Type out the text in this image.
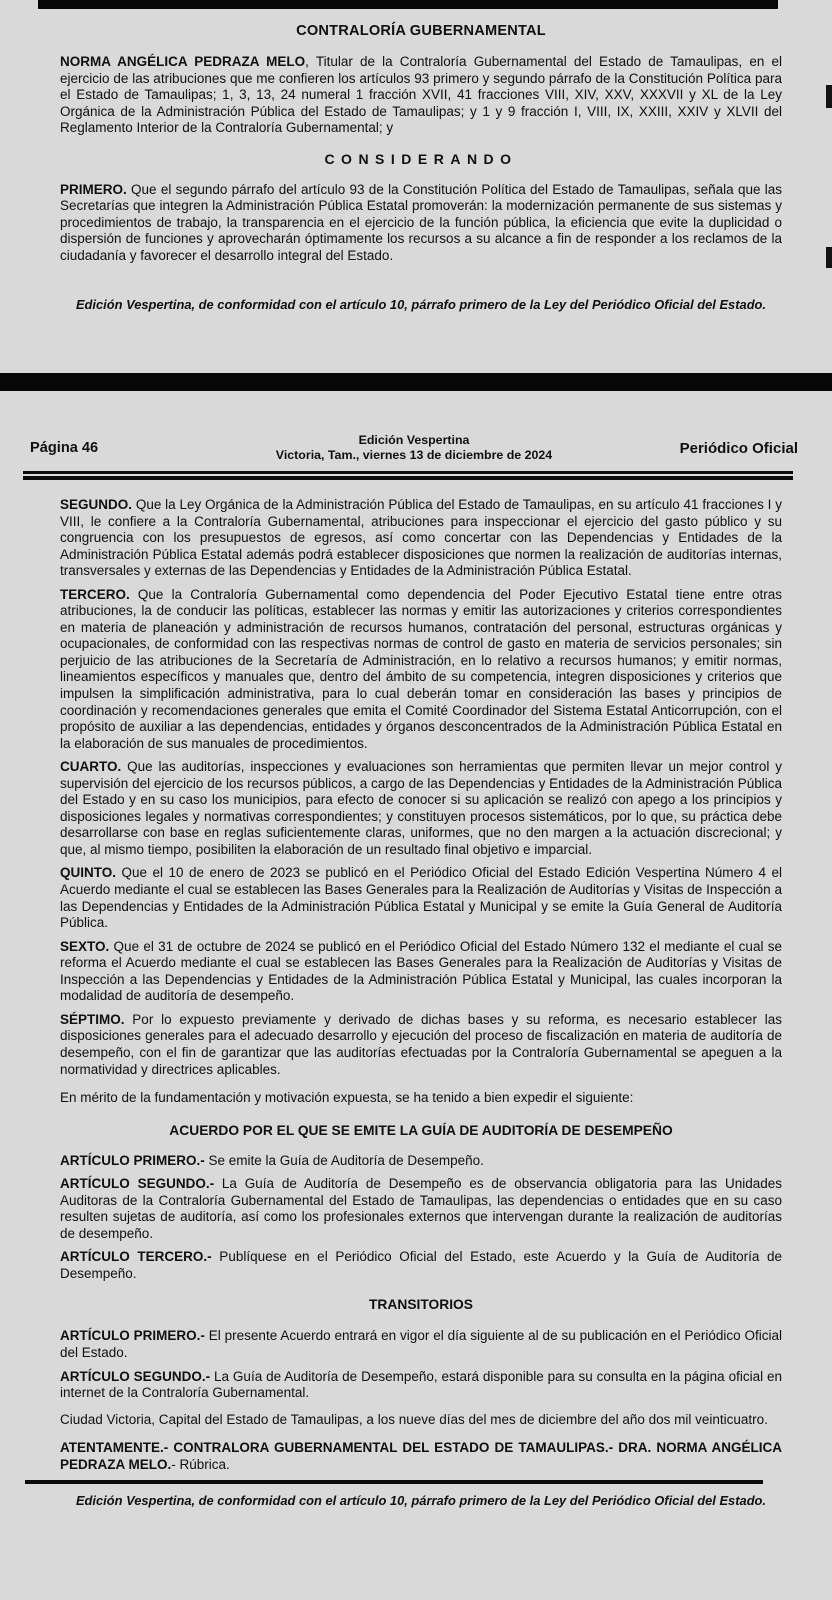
CONTRALORÍA GUBERNAMENTAL

NORMA ANGÉLICA PEDRAZA MELO, Titular de la Contraloría Gubernamental del Estado de Tamaulipas, en el ejercicio de las atribuciones que me confieren los artículos 93 primero y segundo párrafo de la Constitución Política para el Estado de Tamaulipas; 1, 3, 13, 24 numeral 1 fracción XVII, 41 fracciones VIII, XIV, XXV, XXXVII y XL de la Ley Orgánica de la Administración Pública del Estado de Tamaulipas; y 1 y 9 fracción I, VIII, IX, XXIII, XXIV y XLVII del Reglamento Interior de la Contraloría Gubernamental; y

CONSIDERANDO

PRIMERO. Que el segundo párrafo del artículo 93 de la Constitución Política del Estado de Tamaulipas, señala que las Secretarías que integren la Administración Pública Estatal promoverán: la modernización permanente de sus sistemas y procedimientos de trabajo, la transparencia en el ejercicio de la función pública, la eficiencia que evite la duplicidad o dispersión de funciones y aprovecharán óptimamente los recursos a su alcance a fin de responder a los reclamos de la ciudadanía y favorecer el desarrollo integral del Estado.

Edición Vespertina, de conformidad con el artículo 10, párrafo primero de la Ley del Periódico Oficial del Estado.

Página 46	Edición Vespertina
Victoria, Tam., viernes 13 de diciembre de 2024	Periódico Oficial

SEGUNDO. Que la Ley Orgánica de la Administración Pública del Estado de Tamaulipas, en su artículo 41 fracciones I y VIII, le confiere a la Contraloría Gubernamental, atribuciones para inspeccionar el ejercicio del gasto público y su congruencia con los presupuestos de egresos, así como concertar con las Dependencias y Entidades de la Administración Pública Estatal además podrá establecer disposiciones que normen la realización de auditorías internas, transversales y externas de las Dependencias y Entidades de la Administración Pública Estatal.

TERCERO. Que la Contraloría Gubernamental como dependencia del Poder Ejecutivo Estatal tiene entre otras atribuciones, la de conducir las políticas, establecer las normas y emitir las autorizaciones y criterios correspondientes en materia de planeación y administración de recursos humanos, contratación del personal, estructuras orgánicas y ocupacionales, de conformidad con las respectivas normas de control de gasto en materia de servicios personales; sin perjuicio de las atribuciones de la Secretaría de Administración, en lo relativo a recursos humanos; y emitir normas, lineamientos específicos y manuales que, dentro del ámbito de su competencia, integren disposiciones y criterios que impulsen la simplificación administrativa, para lo cual deberán tomar en consideración las bases y principios de coordinación y recomendaciones generales que emita el Comité Coordinador del Sistema Estatal Anticorrupción, con el propósito de auxiliar a las dependencias, entidades y órganos desconcentrados de la Administración Pública Estatal en la elaboración de sus manuales de procedimientos.

CUARTO. Que las auditorías, inspecciones y evaluaciones son herramientas que permiten llevar un mejor control y supervisión del ejercicio de los recursos públicos, a cargo de las Dependencias y Entidades de la Administración Pública del Estado y en su caso los municipios, para efecto de conocer si su aplicación se realizó con apego a los principios y disposiciones legales y normativas correspondientes; y constituyen procesos sistemáticos, por lo que, su práctica debe desarrollarse con base en reglas suficientemente claras, uniformes, que no den margen a la actuación discrecional; y que, al mismo tiempo, posibiliten la elaboración de un resultado final objetivo e imparcial.

QUINTO. Que el 10 de enero de 2023 se publicó en el Periódico Oficial del Estado Edición Vespertina Número 4 el Acuerdo mediante el cual se establecen las Bases Generales para la Realización de Auditorías y Visitas de Inspección a las Dependencias y Entidades de la Administración Pública Estatal y Municipal y se emite la Guía General de Auditoría Pública.

SEXTO. Que el 31 de octubre de 2024 se publicó en el Periódico Oficial del Estado Número 132 el mediante el cual se reforma el Acuerdo mediante el cual se establecen las Bases Generales para la Realización de Auditorías y Visitas de Inspección a las Dependencias y Entidades de la Administración Pública Estatal y Municipal, las cuales incorporan la modalidad de auditoría de desempeño.

SÉPTIMO. Por lo expuesto previamente y derivado de dichas bases y su reforma, es necesario establecer las disposiciones generales para el adecuado desarrollo y ejecución del proceso de fiscalización en materia de auditoría de desempeño, con el fin de garantizar que las auditorías efectuadas por la Contraloría Gubernamental se apeguen a la normatividad y directrices aplicables.

En mérito de la fundamentación y motivación expuesta, se ha tenido a bien expedir el siguiente:

ACUERDO POR EL QUE SE EMITE LA GUÍA DE AUDITORÍA DE DESEMPEÑO

ARTÍCULO PRIMERO.- Se emite la Guía de Auditoría de Desempeño.

ARTÍCULO SEGUNDO.- La Guía de Auditoría de Desempeño es de observancia obligatoria para las Unidades Auditoras de la Contraloría Gubernamental del Estado de Tamaulipas, las dependencias o entidades que en su caso resulten sujetas de auditoría, así como los profesionales externos que intervengan durante la realización de auditorías de desempeño.

ARTÍCULO TERCERO.- Publíquese en el Periódico Oficial del Estado, este Acuerdo y la Guía de Auditoría de Desempeño.

TRANSITORIOS

ARTÍCULO PRIMERO.- El presente Acuerdo entrará en vigor el día siguiente al de su publicación en el Periódico Oficial del Estado.

ARTÍCULO SEGUNDO.- La Guía de Auditoría de Desempeño, estará disponible para su consulta en la página oficial en internet de la Contraloría Gubernamental.

Ciudad Victoria, Capital del Estado de Tamaulipas, a los nueve días del mes de diciembre del año dos mil veinticuatro.

ATENTAMENTE.- CONTRALORA GUBERNAMENTAL DEL ESTADO DE TAMAULIPAS.- DRA. NORMA ANGÉLICA PEDRAZA MELO.- Rúbrica.

Edición Vespertina, de conformidad con el artículo 10, párrafo primero de la Ley del Periódico Oficial del Estado.
